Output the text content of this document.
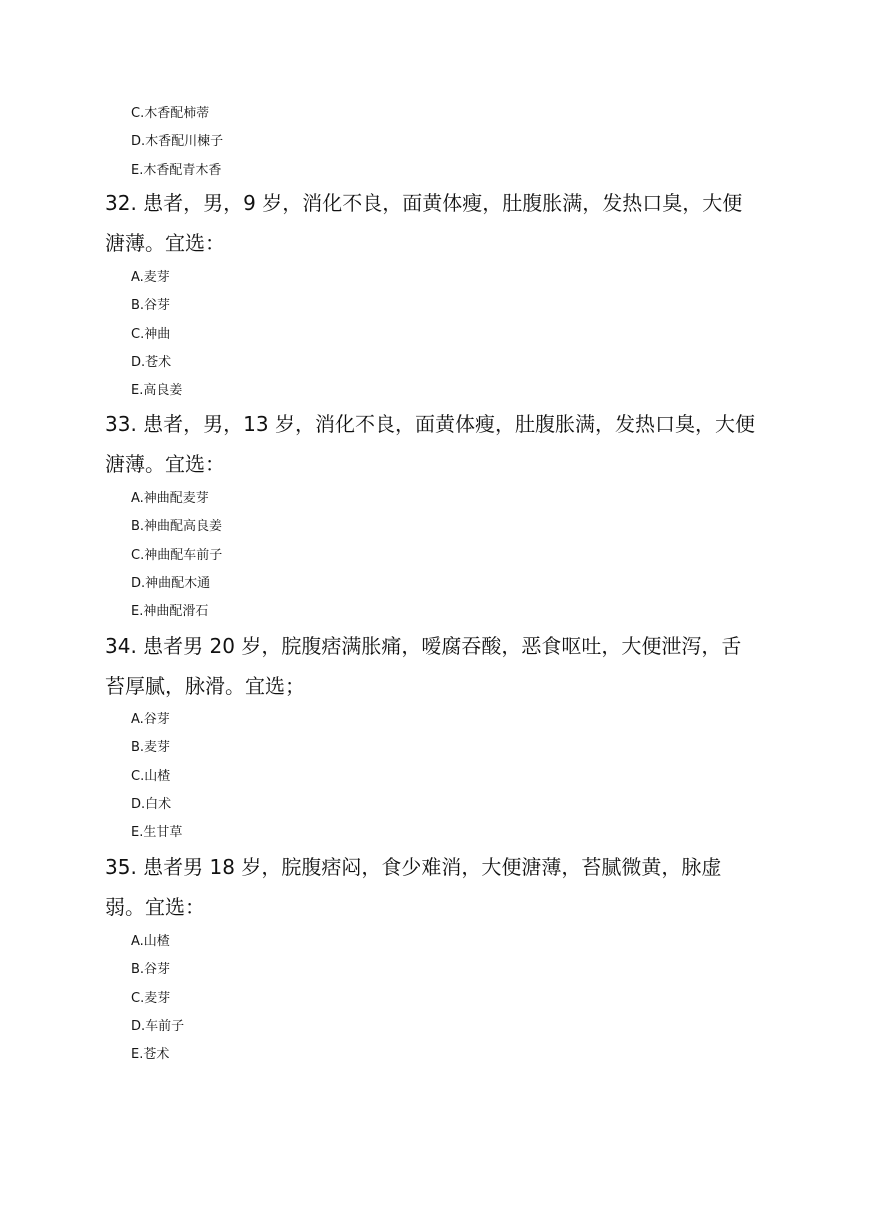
C.木香配柿蒂
D.木香配川楝子
E.木香配青木香
32. 患者，男，9 岁，消化不良，面黄体瘦，肚腹胀满，发热口臭，大便
溏薄。宜选：
A.麦芽
B.谷芽
C.神曲
D.苍术
E.高良姜
33. 患者，男，13 岁，消化不良，面黄体瘦，肚腹胀满，发热口臭，大便
溏薄。宜选：
A.神曲配麦芽
B.神曲配高良姜
C.神曲配车前子
D.神曲配木通
E.神曲配滑石
34. 患者男 20 岁，脘腹痞满胀痛，嗳腐吞酸，恶食呕吐，大便泄泻，舌
苔厚腻，脉滑。宜选；
A.谷芽
B.麦芽
C.山楂
D.白术
E.生甘草
35. 患者男 18 岁，脘腹痞闷，食少难消，大便溏薄，苔腻微黄，脉虚
弱。宜选：
A.山楂
B.谷芽
C.麦芽
D.车前子
E.苍术
